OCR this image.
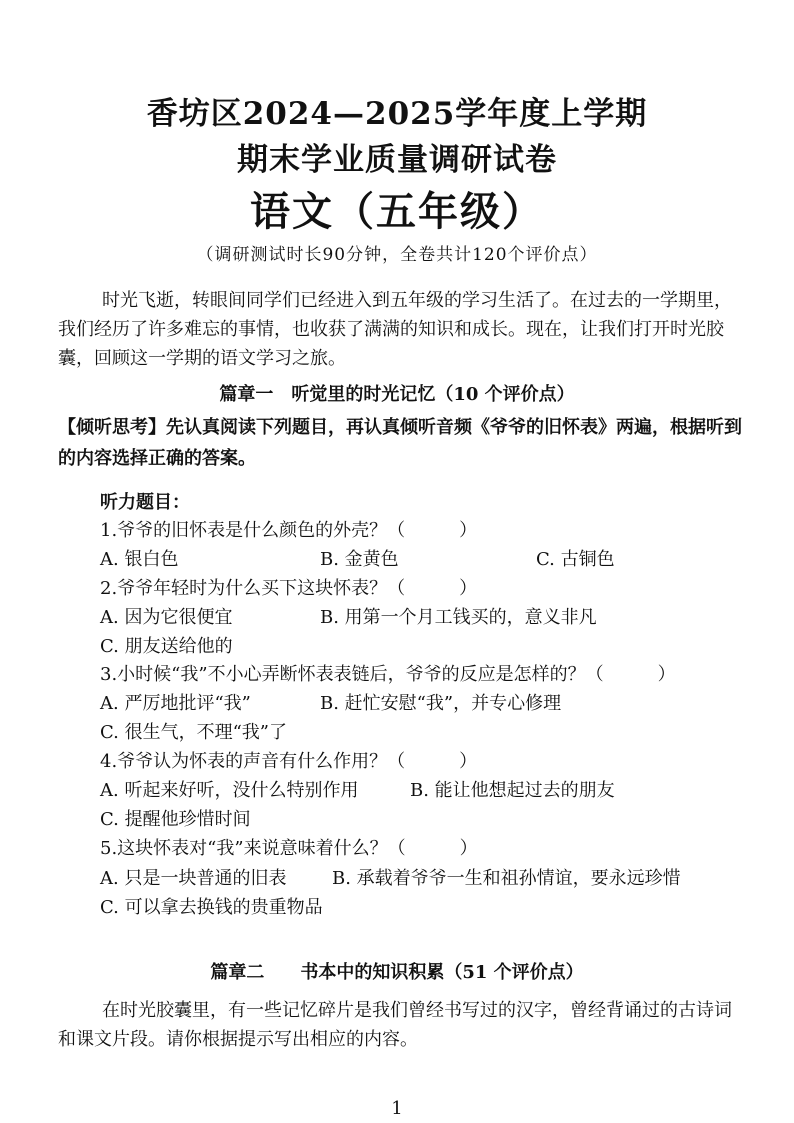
香坊区2024—2025学年度上学期
期末学业质量调研试卷
语文（五年级）
（调研测试时长90分钟，全卷共计120个评价点）
时光飞逝，转眼间同学们已经进入到五年级的学习生活了。在过去的一学期里，我们经历了许多难忘的事情，也收获了满满的知识和成长。现在，让我们打开时光胶囊，回顾这一学期的语文学习之旅。
篇章一　听觉里的时光记忆（10 个评价点）
【倾听思考】先认真阅读下列题目，再认真倾听音频《爷爷的旧怀表》两遍，根据听到的内容选择正确的答案。
听力题目：
1.爷爷的旧怀表是什么颜色的外壳？（　　　）
A. 银白色	B. 金黄色	C. 古铜色
2.爷爷年轻时为什么买下这块怀表？（　　　）
A. 因为它很便宜	B. 用第一个月工钱买的，意义非凡
C. 朋友送给他的
3.小时候“我”不小心弄断怀表表链后，爷爷的反应是怎样的？（　　　）
A. 严厉地批评“我”	B. 赶忙安慰“我”，并专心修理
C. 很生气，不理“我”了
4.爷爷认为怀表的声音有什么作用？（　　　）
A. 听起来好听，没什么特别作用	B. 能让他想起过去的朋友
C. 提醒他珍惜时间
5.这块怀表对“我”来说意味着什么？（　　　）
A. 只是一块普通的旧表	B. 承载着爷爷一生和祖孙情谊，要永远珍惜
C. 可以拿去换钱的贵重物品
篇章二　　书本中的知识积累（51 个评价点）
在时光胶囊里，有一些记忆碎片是我们曾经书写过的汉字，曾经背诵过的古诗词和课文片段。请你根据提示写出相应的内容。
1
